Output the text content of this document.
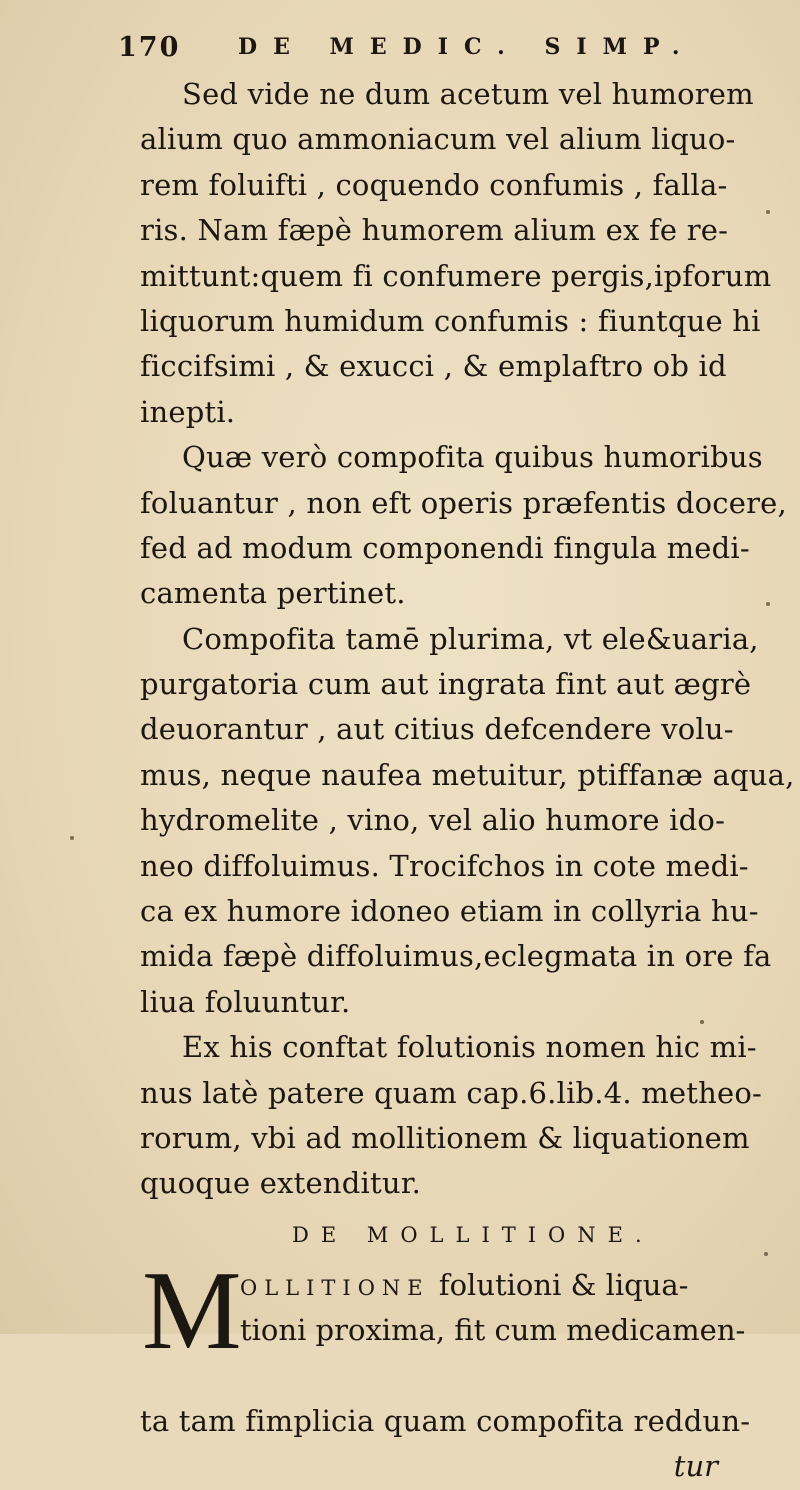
170	DE MEDIC. SIMP.
Sed vide ne dum acetum vel humorem
alium quo ammoniacum vel alium liquo-
rem foluifti , coquendo confumis , falla-
ris. Nam fæpè humorem alium ex fe re-
mittunt:quem fi confumere pergis,ipforum
liquorum humidum confumis : fiuntque hi
ficcifsimi , & exucci , & emplaftro ob id
inepti.
Quæ verò compofita quibus humoribus
foluantur , non eft operis præfentis docere,
fed ad modum componendi fingula medi-
camenta pertinet.
Compofita tamē plurima, vt ele&uaria,
purgatoria cum aut ingrata fint aut ægrè
deuorantur , aut citius defcendere volu-
mus, neque naufea metuitur, ptiffanæ aqua,
hydromelite , vino, vel alio humore ido-
neo diffoluimus. Trocifchos in cote medi-
ca ex humore idoneo etiam in collyria hu-
mida fæpè diffoluimus,eclegmata in ore fa
liua foluuntur.
Ex his conftat folutionis nomen hic mi-
nus latè patere quam cap.6.lib.4. metheo-
rorum, vbi ad mollitionem & liquationem
quoque extenditur.
DE MOLLITIONE.
M
OLLITIONE folutioni & liqua-
tioni proxima, fit cum medicamen-
ta tam fimplicia quam compofita reddun-
tur
